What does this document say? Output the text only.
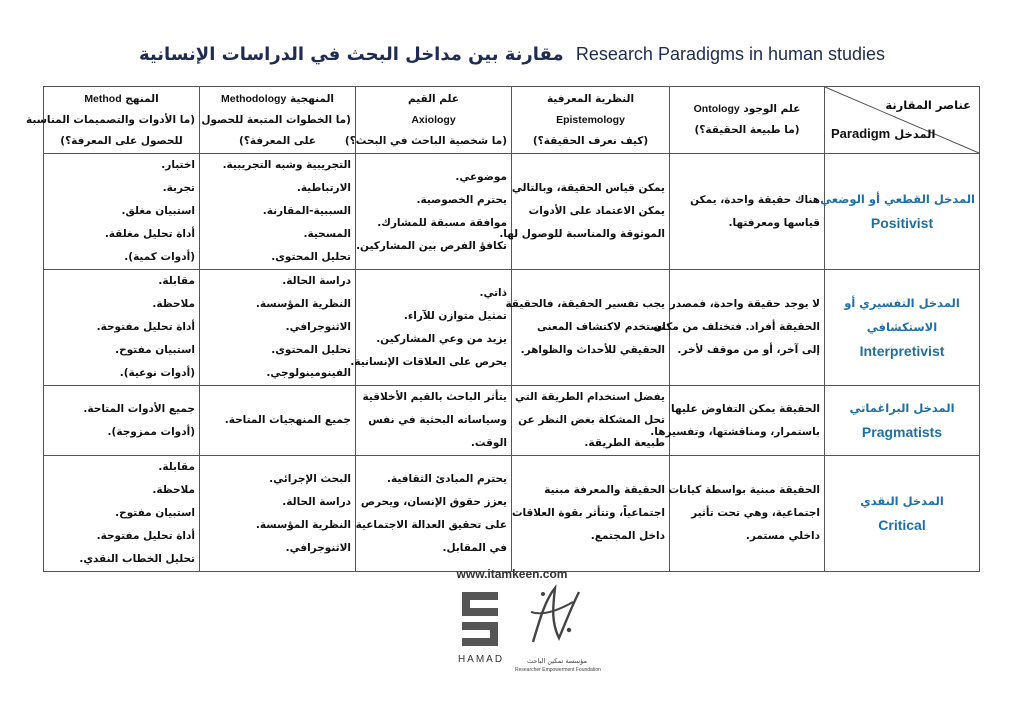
مقارنة بين مداخل البحث في الدراسات الإنسانية Research Paradigms in human studies
عناصر المقارنة
المدخل Paradigm	علم الوجود Ontology
(ما طبيعة الحقيقة؟)	النظرية المعرفية
Epistemology
(كيف نعرف الحقيقة؟)	علم القيم
Axiology
(ما شخصية الباحث في البحث؟)	المنهجية Methodology
(ما الخطوات المتبعة للحصول
على المعرفة؟)	المنهج Method
(ما الأدوات والتصميمات المناسبة
للحصول على المعرفة؟)

المدخل القطعي أو الوضعي
Positivist	هناك حقيقة واحدة، يمكن
قياسها ومعرفتها.	يمكن قياس الحقيقة، وبالتالي
يمكن الاعتماد على الأدوات
الموثوقة والمناسبة للوصول لها.	موضوعي.
يحترم الخصوصية.
موافقة مسبقة للمشارك.
تكافؤ الفرص بين المشاركين.	التجريبية وشبه التجريبية.
الارتباطية.
السببية-المقارنة.
المسحية.
تحليل المحتوى.	اختبار.
تجربة.
استبيان مغلق.
أداة تحليل مغلقة.
(أدوات كمية).

المدخل التفسيري أو
الاستكشافي
Interpretivist	لا يوجد حقيقة واحدة، فمصدر
الحقيقة أفراد. فتختلف من مكان
إلى آخر، أو من موقف لأخر.	يجب تفسير الحقيقة، فالحقيقة
تستخدم لاكتشاف المعنى
الحقيقي للأحداث والظواهر.	ذاتي.
تمثيل متوازن للآراء.
يزيد من وعي المشاركين.
يحرص على العلاقات الإنسانية.	دراسة الحالة.
النظرية المؤسسة.
الاثنوجرافي.
تحليل المحتوى.
الفينومينولوجي.	مقابلة.
ملاحظة.
أداة تحليل مفتوحة.
استبيان مفتوح.
(أدوات نوعية).

المدخل البراغماتي
Pragmatists	الحقيقة يمكن التفاوض عليها
باستمرار، ومناقشتها، وتفسيرها.	يفضل استخدام الطريقة التي
تحل المشكلة بغض النظر عن
طبيعة الطريقة.	يتأثر الباحث بالقيم الأخلاقية
وسياساته البحثية في نفس
الوقت.	جميع المنهجيات المتاحة.	جميع الأدوات المتاحة.
(أدوات ممزوجة).

المدخل النقدي
Critical	الحقيقة مبنية بواسطة كيانات
اجتماعية، وهي تحت تأثير
داخلي مستمر.	الحقيقة والمعرفة مبنية
اجتماعياً، وتتأثر بقوة العلاقات
داخل المجتمع.	يحترم المبادئ الثقافية.
يعزز حقوق الإنسان، ويحرص
على تحقيق العدالة الاجتماعية
في المقابل.	البحث الإجرائي.
دراسة الحالة.
النظرية المؤسسة.
الاثنوجرافي.	مقابلة.
ملاحظة.
استبيان مفتوح.
أداة تحليل مفتوحة.
تحليل الخطاب النقدي.
www.itamkeen.com
HAMAD	مؤسسة تمكين الباحث
Researcher Empowerment Foundation
